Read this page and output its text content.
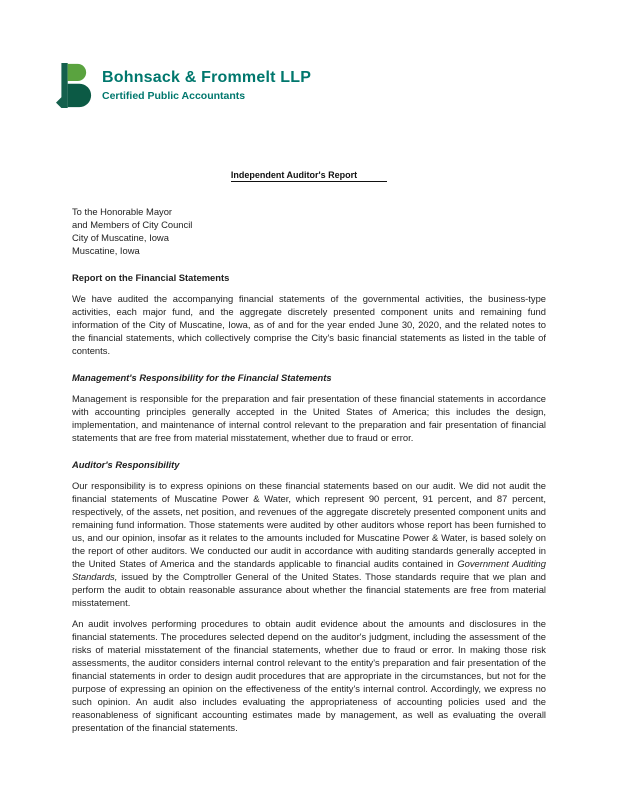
Bohnsack & Frommelt LLP
Certified Public Accountants
Independent Auditor's Report
To the Honorable Mayor
and Members of City Council
City of Muscatine, Iowa
Muscatine, Iowa
Report on the Financial Statements

We have audited the accompanying financial statements of the governmental activities, the business-type activities, each major fund, and the aggregate discretely presented component units and remaining fund information of the City of Muscatine, Iowa, as of and for the year ended June 30, 2020, and the related notes to the financial statements, which collectively comprise the City's basic financial statements as listed in the table of contents.

Management's Responsibility for the Financial Statements

Management is responsible for the preparation and fair presentation of these financial statements in accordance with accounting principles generally accepted in the United States of America; this includes the design, implementation, and maintenance of internal control relevant to the preparation and fair presentation of financial statements that are free from material misstatement, whether due to fraud or error.

Auditor's Responsibility

Our responsibility is to express opinions on these financial statements based on our audit. We did not audit the financial statements of Muscatine Power & Water, which represent 90 percent, 91 percent, and 87 percent, respectively, of the assets, net position, and revenues of the aggregate discretely presented component units and remaining fund information. Those statements were audited by other auditors whose report has been furnished to us, and our opinion, insofar as it relates to the amounts included for Muscatine Power & Water, is based solely on the report of other auditors. We conducted our audit in accordance with auditing standards generally accepted in the United States of America and the standards applicable to financial audits contained in Government Auditing Standards, issued by the Comptroller General of the United States. Those standards require that we plan and perform the audit to obtain reasonable assurance about whether the financial statements are free from material misstatement.

An audit involves performing procedures to obtain audit evidence about the amounts and disclosures in the financial statements. The procedures selected depend on the auditor's judgment, including the assessment of the risks of material misstatement of the financial statements, whether due to fraud or error. In making those risk assessments, the auditor considers internal control relevant to the entity's preparation and fair presentation of the financial statements in order to design audit procedures that are appropriate in the circumstances, but not for the purpose of expressing an opinion on the effectiveness of the entity's internal control. Accordingly, we express no such opinion. An audit also includes evaluating the appropriateness of accounting policies used and the reasonableness of significant accounting estimates made by management, as well as evaluating the overall presentation of the financial statements.
